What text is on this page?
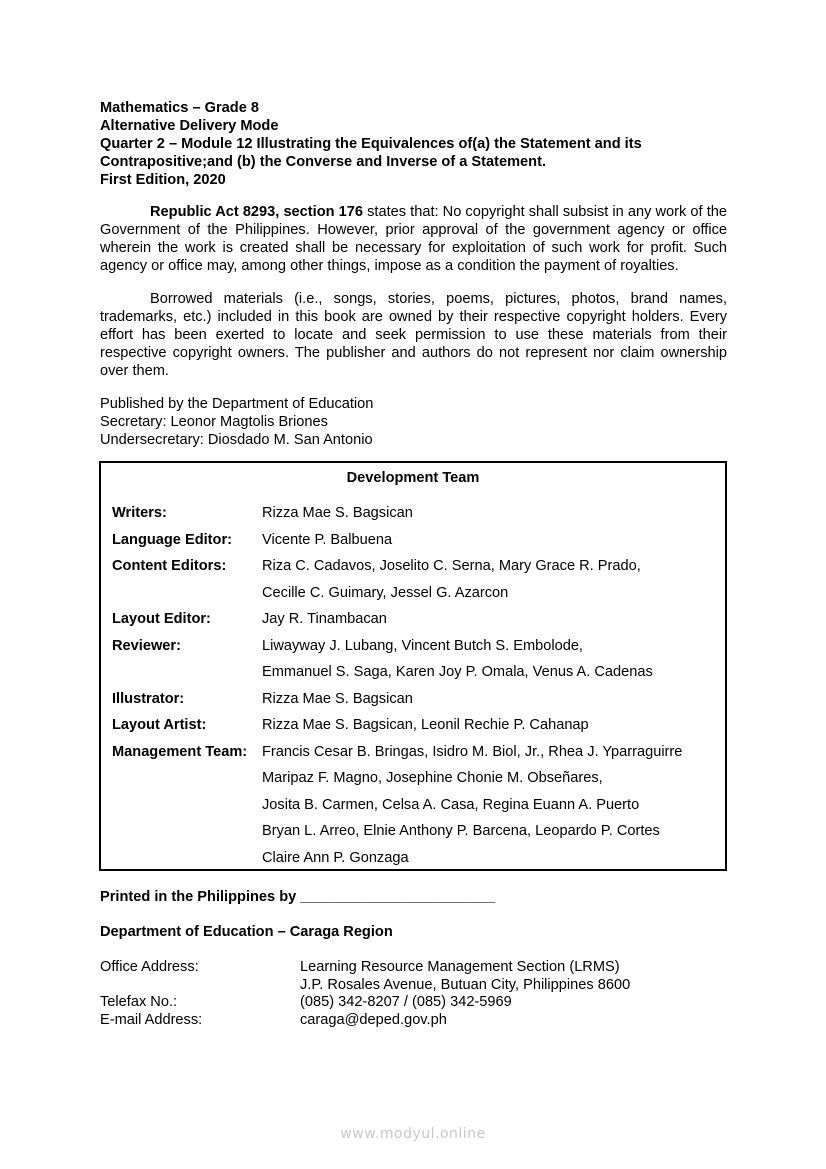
Mathematics – Grade 8
Alternative Delivery Mode
Quarter 2 – Module 12 Illustrating the Equivalences of(a) the Statement and its
Contrapositive;and (b) the Converse and Inverse of a Statement.
First Edition, 2020

Republic Act 8293, section 176 states that: No copyright shall subsist in any work of the Government of the Philippines. However, prior approval of the government agency or office wherein the work is created shall be necessary for exploitation of such work for profit. Such agency or office may, among other things, impose as a condition the payment of royalties.

Borrowed materials (i.e., songs, stories, poems, pictures, photos, brand names, trademarks, etc.) included in this book are owned by their respective copyright holders. Every effort has been exerted to locate and seek permission to use these materials from their respective copyright owners. The publisher and authors do not represent nor claim ownership over them.

Published by the Department of Education
Secretary: Leonor Magtolis Briones
Undersecretary: Diosdado M. San Antonio
Development Team
Writers:	Rizza Mae S. Bagsican
Language Editor:	Vicente P. Balbuena
Content Editors:	Riza C. Cadavos, Joselito C. Serna, Mary Grace R. Prado,
Cecille C. Guimary, Jessel G. Azarcon
Layout Editor:	Jay R. Tinambacan
Reviewer:	Liwayway J. Lubang, Vincent Butch S. Embolode,
Emmanuel S. Saga, Karen Joy P. Omala, Venus A. Cadenas
Illustrator:	Rizza Mae S. Bagsican
Layout Artist:	Rizza Mae S. Bagsican, Leonil Rechie P. Cahanap
Management Team:	Francis Cesar B. Bringas, Isidro M. Biol, Jr., Rhea J. Yparraguirre
Maripaz F. Magno, Josephine Chonie M. Obseñares,
Josita B. Carmen, Celsa A. Casa, Regina Euann A. Puerto
Bryan L. Arreo, Elnie Anthony P. Barcena, Leopardo P. Cortes
Claire Ann P. Gonzaga
Printed in the Philippines by ________________________
Department of Education – Caraga Region
Office Address:	Learning Resource Management Section (LRMS)
J.P. Rosales Avenue, Butuan City, Philippines 8600
Telefax No.:	(085) 342-8207 / (085) 342-5969
E-mail Address:	caraga@deped.gov.ph
www.modyul.online
